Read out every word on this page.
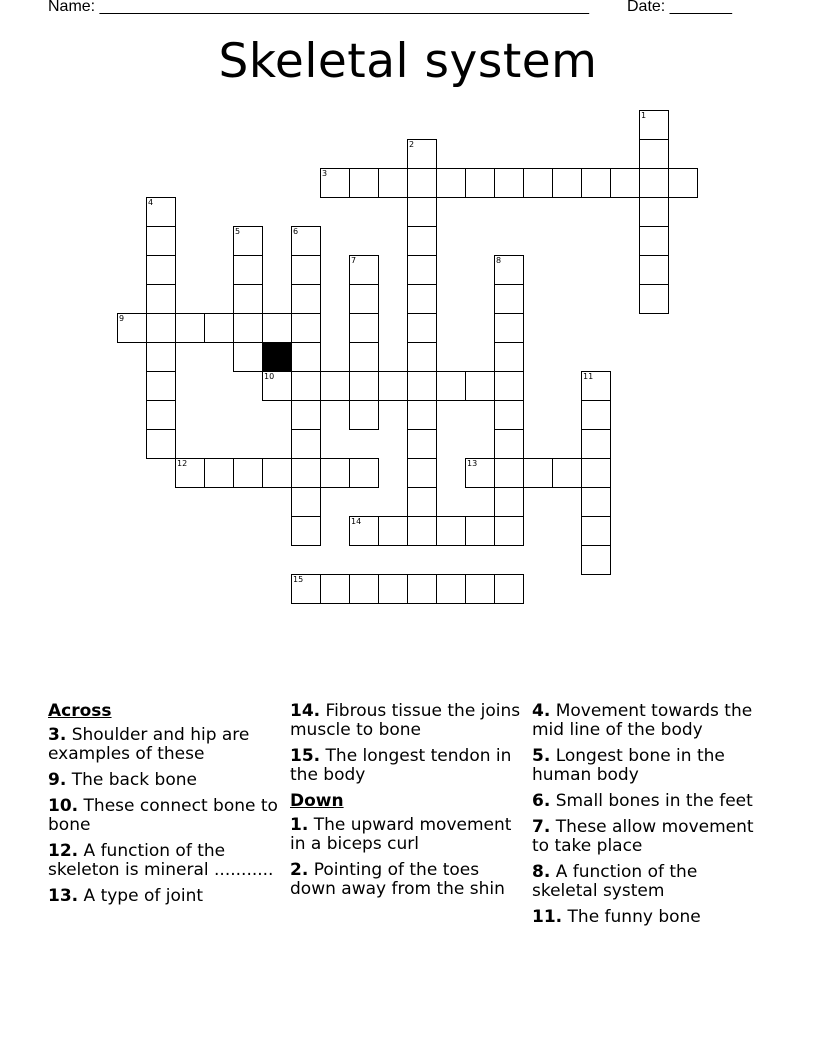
Name: _______________________________________________________ Date: _______
Skeletal system
1
2
3
4
5	6
7	8
9
10	11
12	13
14
15
Across
3. Shoulder and hip are examples of these
9. The back bone
10. These connect bone to bone
12. A function of the skeleton is mineral ...........
13. A type of joint
14. Fibrous tissue the joins muscle to bone
15. The longest tendon in the body
Down
1. The upward movement in a biceps curl
2. Pointing of the toes down away from the shin
4. Movement towards the mid line of the body
5. Longest bone in the human body
6. Small bones in the feet
7. These allow movement to take place
8. A function of the skeletal system
11. The funny bone
